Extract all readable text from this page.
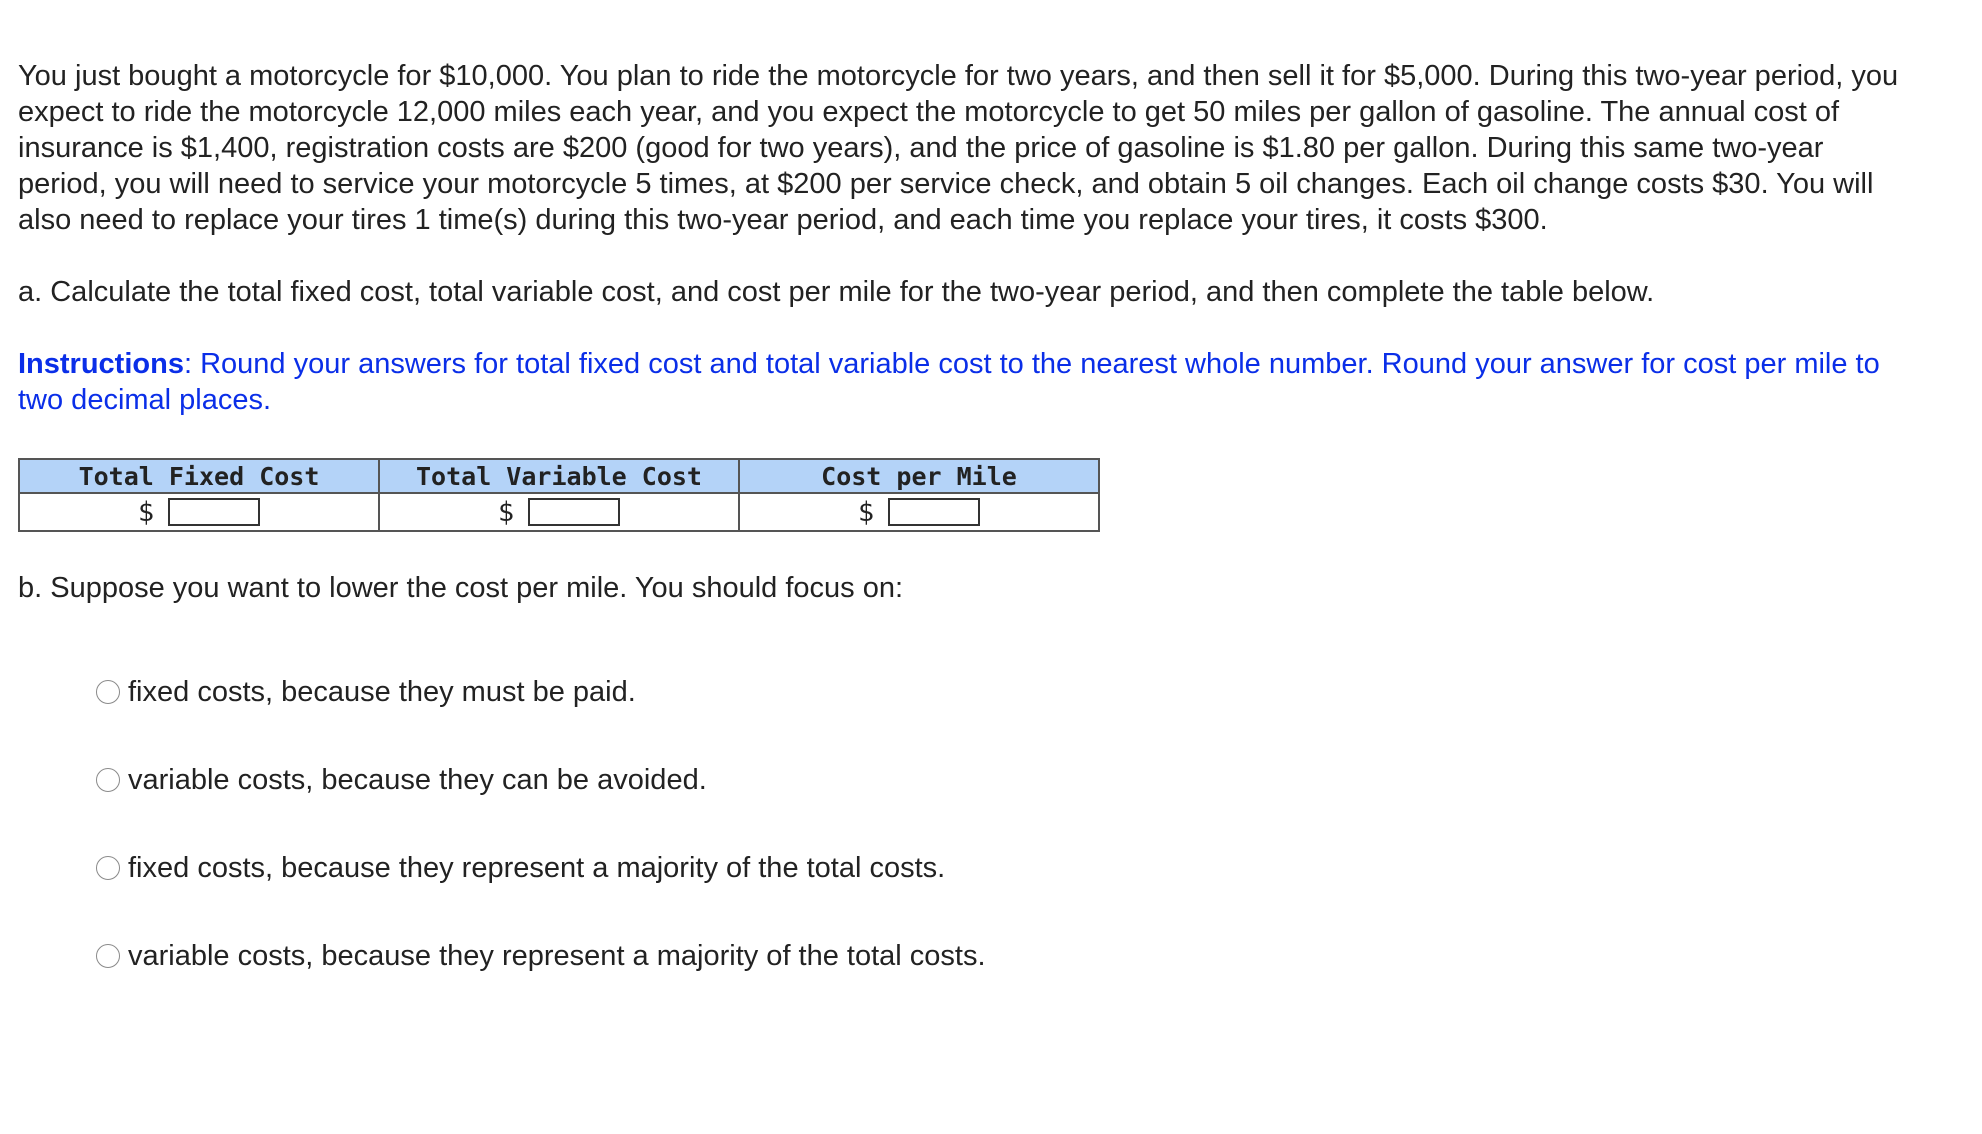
You just bought a motorcycle for $10,000. You plan to ride the motorcycle for two years, and then sell it for $5,000. During this two-year period, you expect to ride the motorcycle 12,000 miles each year, and you expect the motorcycle to get 50 miles per gallon of gasoline. The annual cost of insurance is $1,400, registration costs are $200 (good for two years), and the price of gasoline is $1.80 per gallon. During this same two-year period, you will need to service your motorcycle 5 times, at $200 per service check, and obtain 5 oil changes. Each oil change costs $30. You will also need to replace your tires 1 time(s) during this two-year period, and each time you replace your tires, it costs $300.

a. Calculate the total fixed cost, total variable cost, and cost per mile for the two-year period, and then complete the table below.

Instructions: Round your answers for total fixed cost and total variable cost to the nearest whole number. Round your answer for cost per mile to two decimal places.

Total Fixed Cost	Total Variable Cost	Cost per Mile

$	$	$

b. Suppose you want to lower the cost per mile. You should focus on:

fixed costs, because they must be paid.
variable costs, because they can be avoided.
fixed costs, because they represent a majority of the total costs.
variable costs, because they represent a majority of the total costs.
